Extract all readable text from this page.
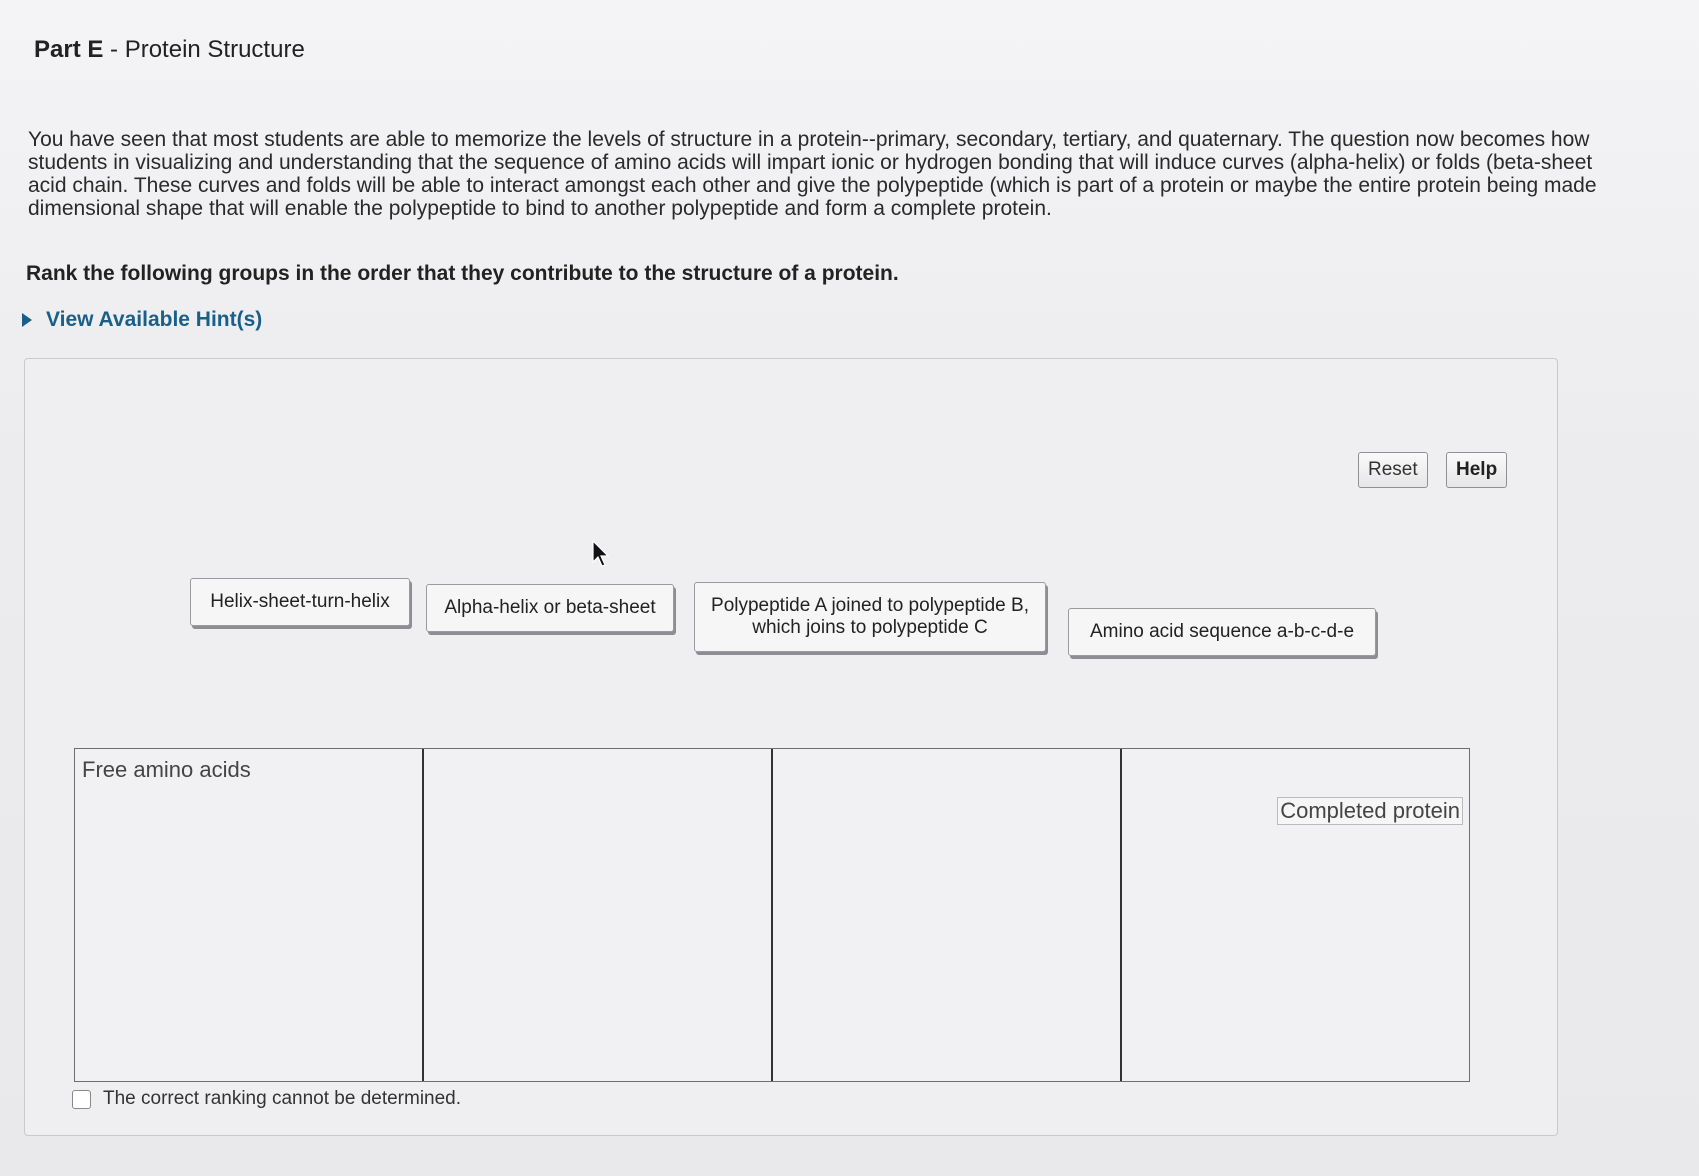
Part E - Protein Structure
You have seen that most students are able to memorize the levels of structure in a protein--primary, secondary, tertiary, and quaternary. The question now becomes how
students in visualizing and understanding that the sequence of amino acids will impart ionic or hydrogen bonding that will induce curves (alpha-helix) or folds (beta-sheet
acid chain. These curves and folds will be able to interact amongst each other and give the polypeptide (which is part of a protein or maybe the entire protein being made
dimensional shape that will enable the polypeptide to bind to another polypeptide and form a complete protein.
Rank the following groups in the order that they contribute to the structure of a protein.
View Available Hint(s)
Reset	Help
Helix-sheet-turn-helix	Alpha-helix or beta-sheet	Polypeptide A joined to polypeptide B, which joins to polypeptide C	Amino acid sequence a-b-c-d-e
Free amino acids
Completed protein
The correct ranking cannot be determined.
